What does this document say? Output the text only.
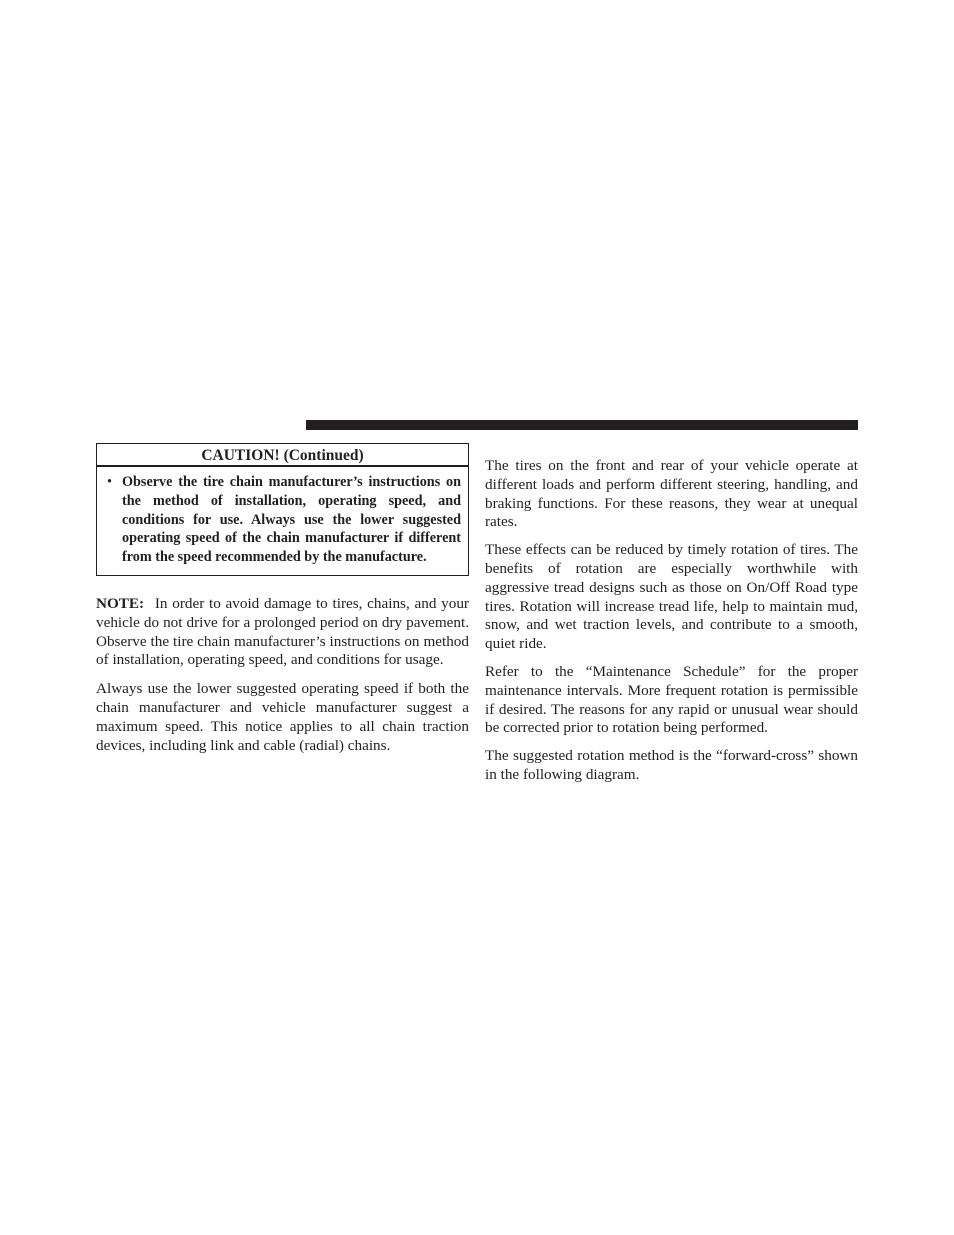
CAUTION! (Continued)
• Observe the tire chain manufacturer’s instructions on the method of installation, operating speed, and conditions for use. Always use the lower suggested operating speed of the chain manufacturer if different from the speed recommended by the manufacture.

NOTE: In order to avoid damage to tires, chains, and your vehicle do not drive for a prolonged period on dry pavement. Observe the tire chain manufacturer’s instructions on method of installation, operating speed, and conditions for usage.

Always use the lower suggested operating speed if both the chain manufacturer and vehicle manufacturer suggest a maximum speed. This notice applies to all chain traction devices, including link and cable (radial) chains.

The tires on the front and rear of your vehicle operate at different loads and perform different steering, handling, and braking functions. For these reasons, they wear at unequal rates.

These effects can be reduced by timely rotation of tires. The benefits of rotation are especially worthwhile with aggressive tread designs such as those on On/Off Road type tires. Rotation will increase tread life, help to maintain mud, snow, and wet traction levels, and contribute to a smooth, quiet ride.

Refer to the “Maintenance Schedule” for the proper maintenance intervals. More frequent rotation is permissible if desired. The reasons for any rapid or unusual wear should be corrected prior to rotation being performed.

The suggested rotation method is the “forward-cross” shown in the following diagram.
